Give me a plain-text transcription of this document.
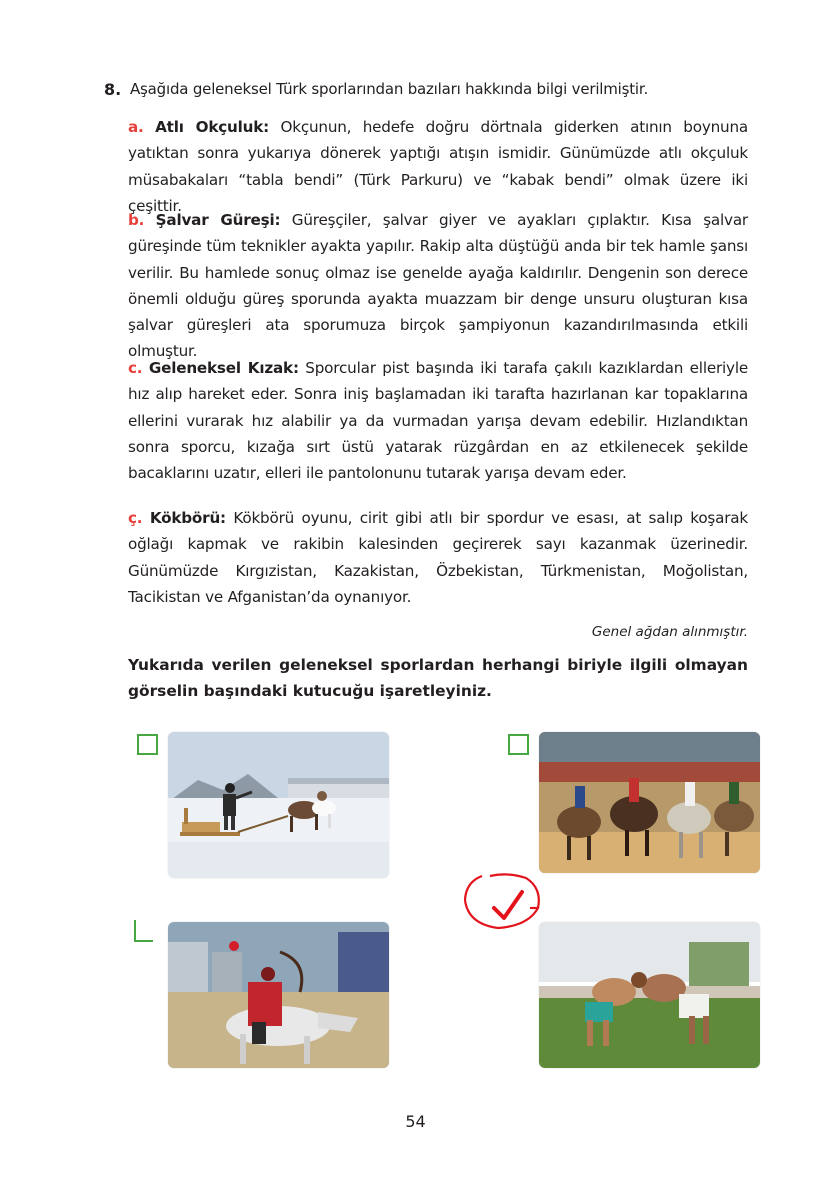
8. Aşağıda geleneksel Türk sporlarından bazıları hakkında bilgi verilmiştir.
a. Atlı Okçuluk: Okçunun, hedefe doğru dörtnala giderken atının boynuna yatıktan sonra yukarıya dönerek yaptığı atışın ismidir. Günümüzde atlı okçuluk müsabakaları “tabla bendi” (Türk Parkuru) ve “kabak bendi” olmak üzere iki çeşittir.
b. Şalvar Güreşi: Güreşçiler, şalvar giyer ve ayakları çıplaktır. Kısa şalvar güreşinde tüm teknikler ayakta yapılır. Rakip alta düştüğü anda bir tek hamle şansı verilir. Bu hamlede sonuç olmaz ise genelde ayağa kaldırılır. Dengenin son derece önemli olduğu güreş sporunda ayakta muazzam bir denge unsuru oluşturan kısa şalvar güreşleri ata sporumuza birçok şampiyonun kazandırılmasında etkili olmuştur.
c. Geleneksel Kızak: Sporcular pist başında iki tarafa çakılı kazıklardan elleriyle hız alıp hareket eder. Sonra iniş başlamadan iki tarafta hazırlanan kar topaklarına ellerini vurarak hız alabilir ya da vurmadan yarışa devam edebilir. Hızlandıktan sonra sporcu, kızağa sırt üstü yatarak rüzgârdan en az etkilenecek şekilde bacaklarını uzatır, elleri ile pantolonunu tutarak yarışa devam eder.
ç. Kökbörü: Kökbörü oyunu, cirit gibi atlı bir spordur ve esası, at salıp koşarak oğlağı kapmak ve rakibin kalesinden geçirerek sayı kazanmak üzerinedir. Günümüzde Kırgızistan, Kazakistan, Özbekistan, Türkmenistan, Moğolistan, Tacikistan ve Afganistan’da oynanıyor.
Genel ağdan alınmıştır.
Yukarıda verilen geleneksel sporlardan herhangi biriyle ilgili olmayan görselin başındaki kutucuğu işaretleyiniz.
54
